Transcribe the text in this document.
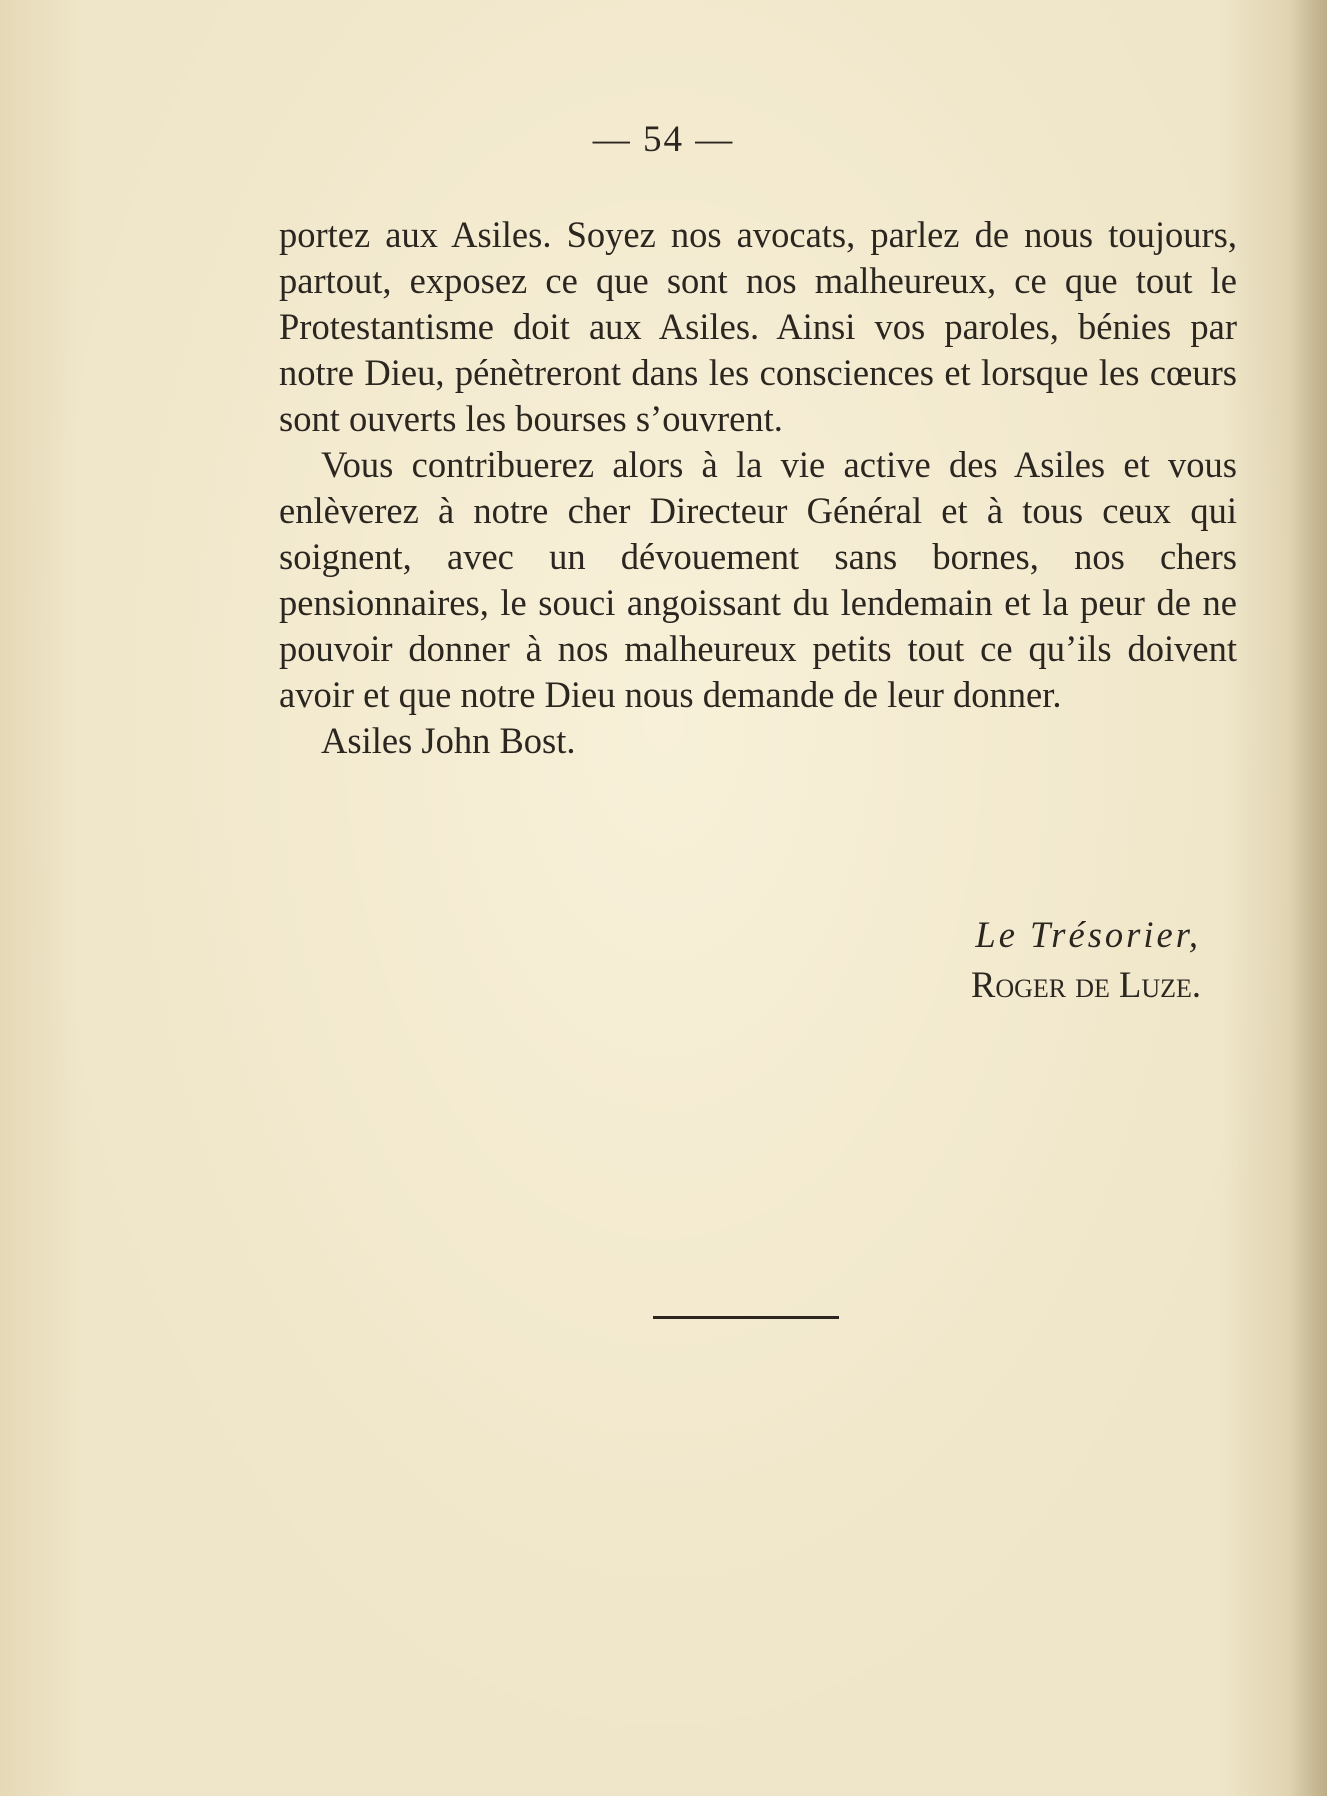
— 54 —

portez aux Asiles. Soyez nos avocats, parlez de nous toujours, partout, exposez ce que sont nos malheureux, ce que tout le Protestantisme doit aux Asiles. Ainsi vos paroles, bénies par notre Dieu, pénètreront dans les consciences et lorsque les cœurs sont ouverts les bourses s’ouvrent.

Vous contribuerez alors à la vie active des Asiles et vous enlèverez à notre cher Directeur Général et à tous ceux qui soignent, avec un dévouement sans bornes, nos chers pensionnaires, le souci angoissant du lendemain et la peur de ne pouvoir donner à nos malheureux petits tout ce qu’ils doivent avoir et que notre Dieu nous demande de leur donner.

Asiles John Bost.

Le Trésorier,
Roger de Luze.
